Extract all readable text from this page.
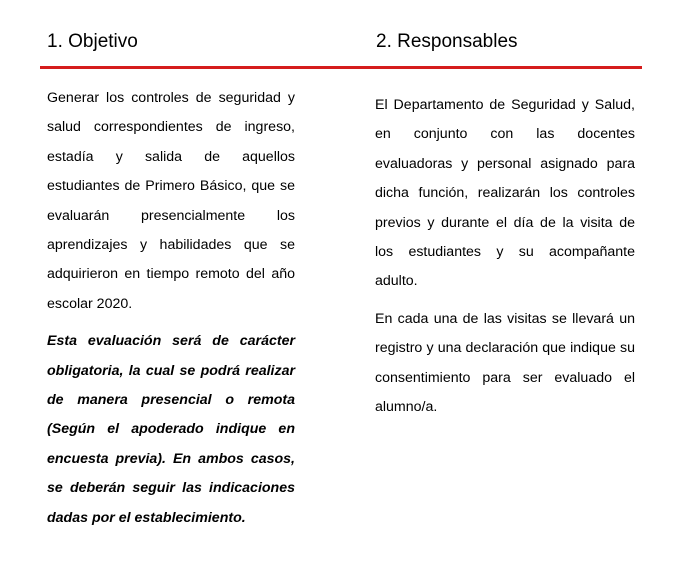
1. Objetivo	2. Responsables

Generar los controles de seguridad y salud correspondientes de ingreso, estadía y salida de aquellos estudiantes de Primero Básico, que se evaluarán presencialmente los aprendizajes y habilidades que se adquirieron en tiempo remoto del año escolar 2020.

Esta evaluación será de carácter obligatoria, la cual se podrá realizar de manera presencial o remota (Según el apoderado indique en encuesta previa). En ambos casos, se deberán seguir las indicaciones dadas por el establecimiento.

El Departamento de Seguridad y Salud, en conjunto con las docentes evaluadoras y personal asignado para dicha función, realizarán los controles previos y durante el día de la visita de los estudiantes y su acompañante adulto.

En cada una de las visitas se llevará un registro y una declaración que indique su consentimiento para ser evaluado el alumno/a.
